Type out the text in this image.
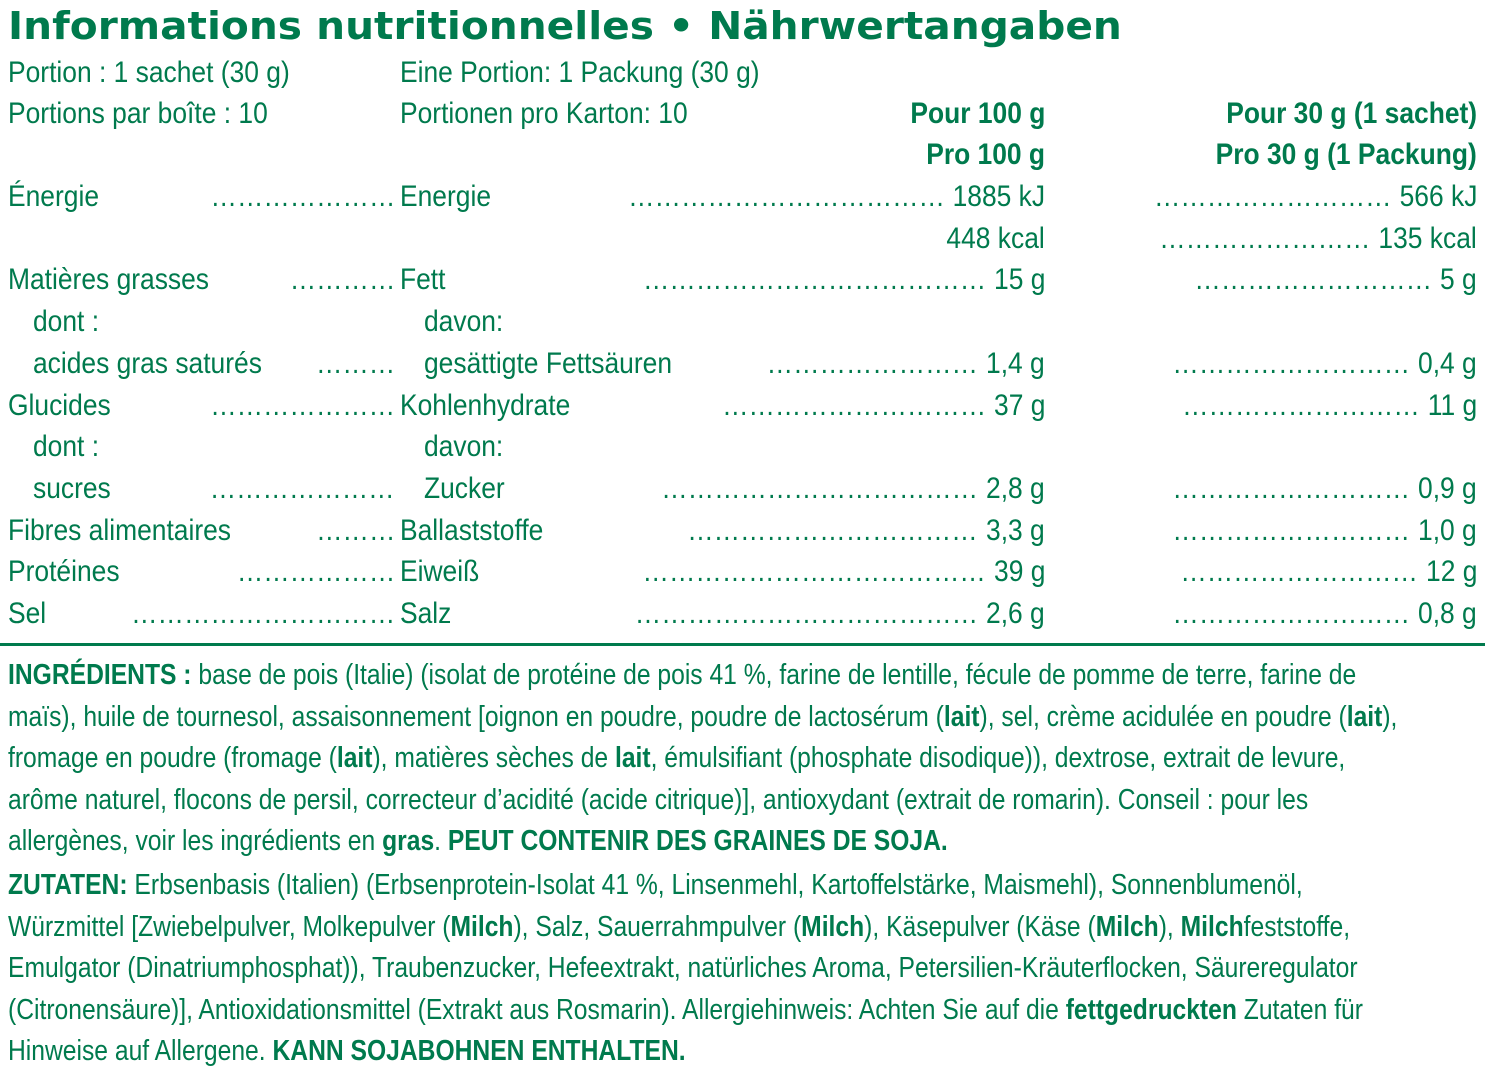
Informations nutritionnelles • Nährwertangaben
Portion : 1 sachet (30 g)	Eine Portion: 1 Packung (30 g)
Portions par boîte : 10	Portionen pro Karton: 10	Pour 100 g	Pour 30 g (1 sachet)
Pro 100 g	Pro 30 g (1 Packung)
Énergie	………………… Energie	……………………………… 1885 kJ	……………………… 566 kJ
448 kcal	…………………… 135 kcal
Matières grasses	………… Fett	………………………………… 15 g	……………………… 5 g
dont :	davon:
acides gras saturés	……… gesättigte Fettsäuren	…………………… 1,4 g	……………………… 0,4 g
Glucides	………………… Kohlenhydrate	………………………… 37 g	……………………… 11 g
dont :	davon:
sucres	………………… Zucker	……………………………… 2,8 g	……………………… 0,9 g
Fibres alimentaires	……… Ballaststoffe	…………………………… 3,3 g	……………………… 1,0 g
Protéines	……………… Eiweiß	………………………………… 39 g	……………………… 12 g
Sel	………………………… Salz	………………………………… 2,6 g	……………………… 0,8 g
INGRÉDIENTS : base de pois (Italie) (isolat de protéine de pois 41 %, farine de lentille, fécule de pomme de terre, farine de maïs), huile de tournesol, assaisonnement [oignon en poudre, poudre de lactosérum (lait), sel, crème acidulée en poudre (lait), fromage en poudre (fromage (lait), matières sèches de lait, émulsifiant (phosphate disodique)), dextrose, extrait de levure, arôme naturel, flocons de persil, correcteur d’acidité (acide citrique)], antioxydant (extrait de romarin). Conseil : pour les allergènes, voir les ingrédients en gras. PEUT CONTENIR DES GRAINES DE SOJA.
ZUTATEN: Erbsenbasis (Italien) (Erbsenprotein-Isolat 41 %, Linsenmehl, Kartoffelstärke, Maismehl), Sonnenblumenöl, Würzmittel [Zwiebelpulver, Molkepulver (Milch), Salz, Sauerrahmpulver (Milch), Käsepulver (Käse (Milch), Milchfeststoffe, Emulgator (Dinatriumphosphat)), Traubenzucker, Hefeextrakt, natürliches Aroma, Petersilien-Kräuterflocken, Säureregulator (Citronensäure)], Antioxidationsmittel (Extrakt aus Rosmarin). Allergiehinweis: Achten Sie auf die fettgedruckten Zutaten für Hinweise auf Allergene. KANN SOJABOHNEN ENTHALTEN.
